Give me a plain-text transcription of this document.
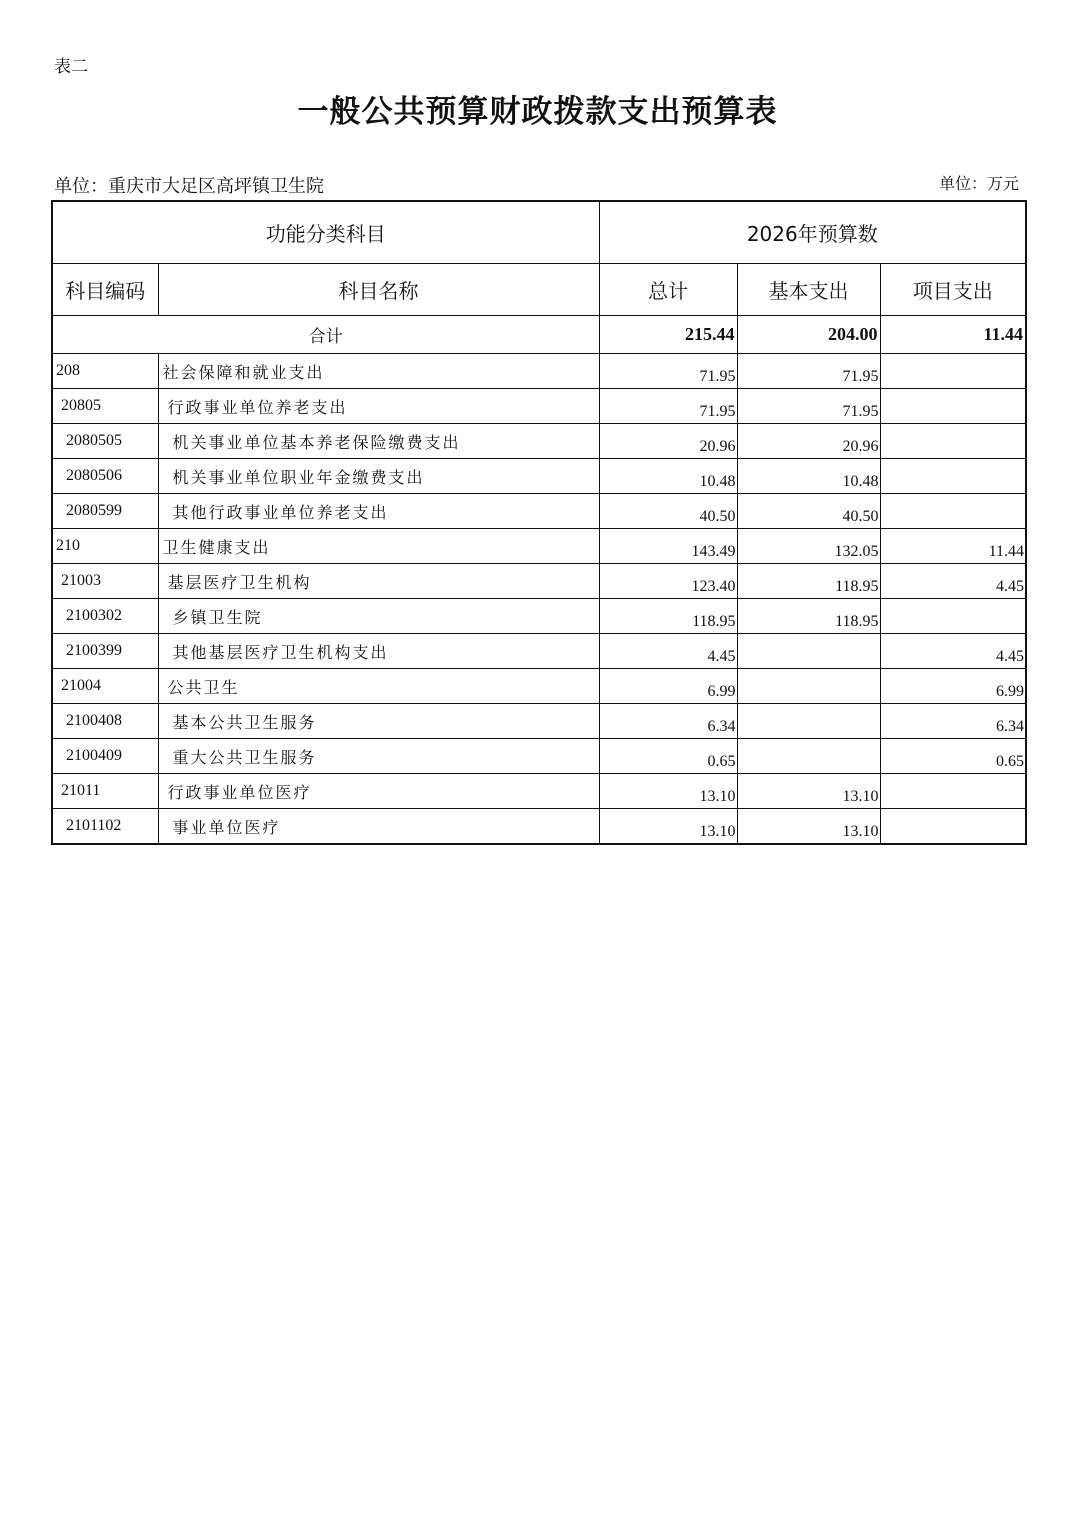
表二
一般公共预算财政拨款支出预算表
单位：重庆市大足区高坪镇卫生院	单位：万元
功能分类科目		2026年预算数		
科目编码	科目名称	总计	基本支出	项目支出
合计		215.44	204.00	11.44
208	社会保障和就业支出	71.95	71.95	
20805	行政事业单位养老支出	71.95	71.95	
2080505	机关事业单位基本养老保险缴费支出	20.96	20.96	
2080506	机关事业单位职业年金缴费支出	10.48	10.48	
2080599	其他行政事业单位养老支出	40.50	40.50	
210	卫生健康支出	143.49	132.05	11.44
21003	基层医疗卫生机构	123.40	118.95	4.45
2100302	乡镇卫生院	118.95	118.95	
2100399	其他基层医疗卫生机构支出	4.45		4.45
21004	公共卫生	6.99		6.99
2100408	基本公共卫生服务	6.34		6.34
2100409	重大公共卫生服务	0.65		0.65
21011	行政事业单位医疗	13.10	13.10	
2101102	事业单位医疗	13.10	13.10	
